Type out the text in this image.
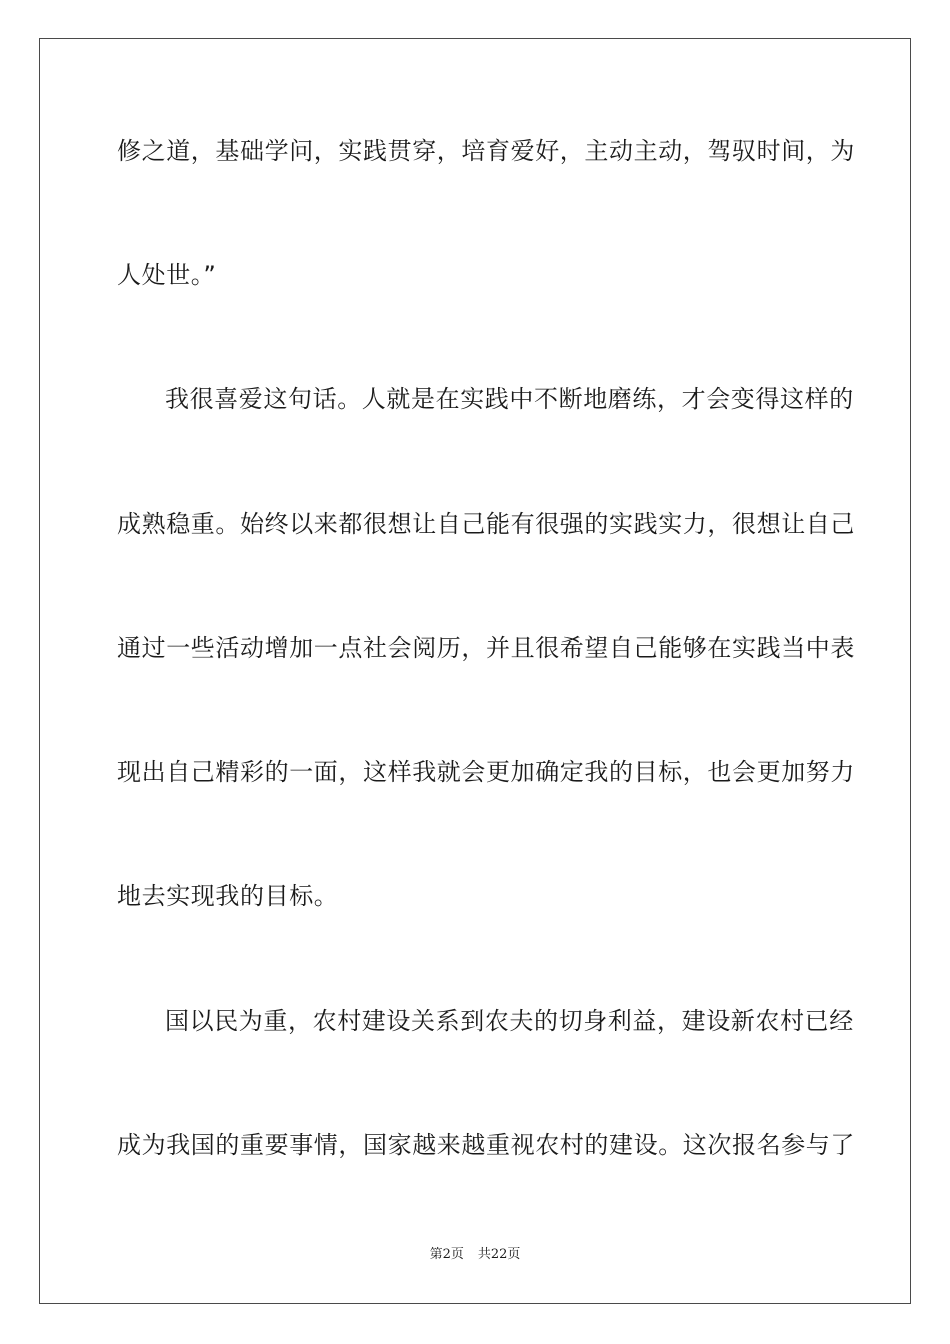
修之道，基础学问，实践贯穿，培育爱好，主动主动，驾驭时间，为
人处世。”
我很喜爱这句话。人就是在实践中不断地磨练，才会变得这样的
成熟稳重。始终以来都很想让自己能有很强的实践实力，很想让自己
通过一些活动增加一点社会阅历，并且很希望自己能够在实践当中表
现出自己精彩的一面，这样我就会更加确定我的目标，也会更加努力
地去实现我的目标。
国以民为重，农村建设关系到农夫的切身利益，建设新农村已经
成为我国的重要事情，国家越来越重视农村的建设。这次报名参与了
第2页 共22页
